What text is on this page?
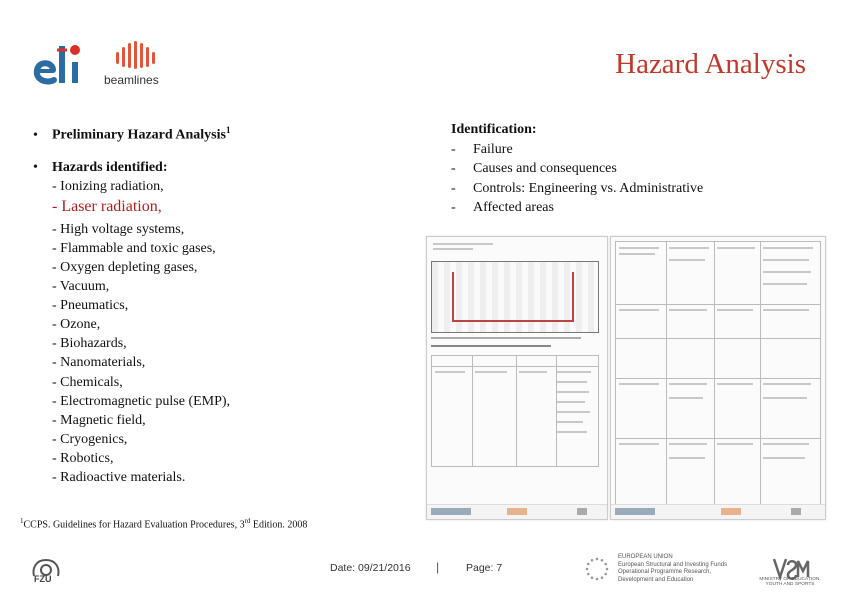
beamlines	Hazard Analysis
•	Preliminary Hazard Analysis$^1$
•	Hazards identified:
- Ionizing radiation,
- Laser radiation,
- High voltage systems,
- Flammable and toxic gases,
- Oxygen depleting gases,
- Vacuum,
- Pneumatics,
- Ozone,
- Biohazards,
- Nanomaterials,
- Chemicals,
- Electromagnetic pulse (EMP),
- Magnetic field,
- Cryogenics,
- Robotics,
- Radioactive materials.
Identification:
-	Failure
-	Causes and consequences
-	Controls: Engineering vs. Administrative
-	Affected areas
$^1$CCPS. Guidelines for Hazard Evaluation Procedures, 3rd Edition. 2008
FZU
Date: 09/21/2016 |	Page: 7
EUROPEAN UNION
European Structural and Investing Funds
Operational Programme Research,
Development and Education	MINISTRY OF EDUCATION,
YOUTH AND SPORTS
